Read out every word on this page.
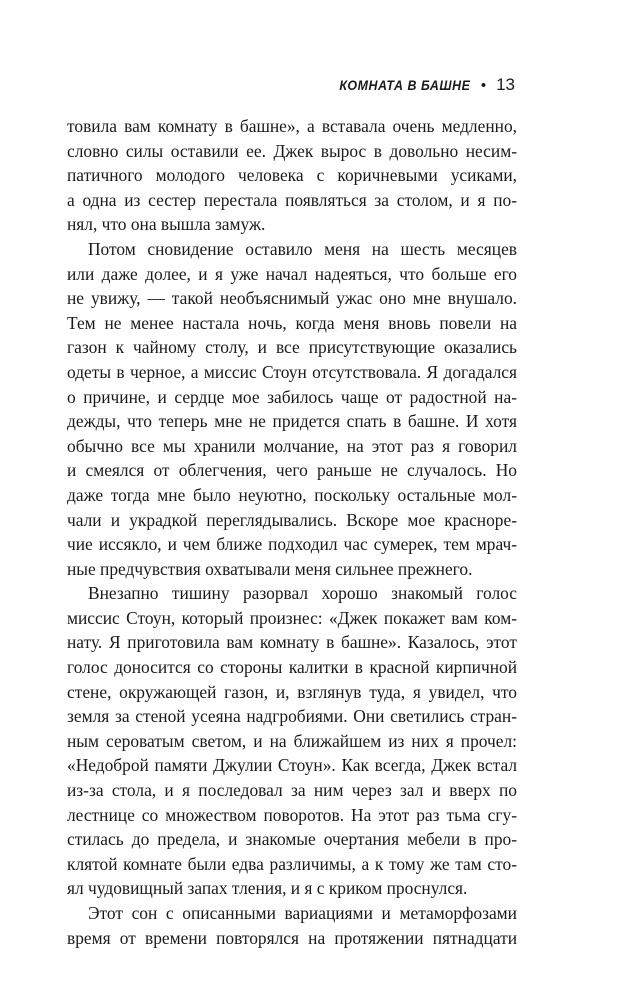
КОМНАТА В БАШНЕ • 13
товила вам комнату в башне», а вставала очень медленно,
словно силы оставили ее. Джек вырос в довольно несим-
патичного молодого человека с коричневыми усиками,
а одна из сестер перестала появляться за столом, и я по-
нял, что она вышла замуж.
Потом сновидение оставило меня на шесть месяцев
или даже долее, и я уже начал надеяться, что больше его
не увижу, — такой необъяснимый ужас оно мне внушало.
Тем не менее настала ночь, когда меня вновь повели на
газон к чайному столу, и все присутствующие оказались
одеты в черное, а миссис Стоун отсутствовала. Я догадался
о причине, и сердце мое забилось чаще от радостной на-
дежды, что теперь мне не придется спать в башне. И хотя
обычно все мы хранили молчание, на этот раз я говорил
и смеялся от облегчения, чего раньше не случалось. Но
даже тогда мне было неуютно, поскольку остальные мол-
чали и украдкой переглядывались. Вскоре мое красноре-
чие иссякло, и чем ближе подходил час сумерек, тем мрач-
ные предчувствия охватывали меня сильнее прежнего.
Внезапно тишину разорвал хорошо знакомый голос
миссис Стоун, который произнес: «Джек покажет вам ком-
нату. Я приготовила вам комнату в башне». Казалось, этот
голос доносится со стороны калитки в красной кирпичной
стене, окружающей газон, и, взглянув туда, я увидел, что
земля за стеной усеяна надгробиями. Они светились стран-
ным сероватым светом, и на ближайшем из них я прочел:
«Недоброй памяти Джулии Стоун». Как всегда, Джек встал
из-за стола, и я последовал за ним через зал и вверх по
лестнице со множеством поворотов. На этот раз тьма сгу-
стилась до предела, и знакомые очертания мебели в про-
клятой комнате были едва различимы, а к тому же там сто-
ял чудовищный запах тления, и я с криком проснулся.
Этот сон с описанными вариациями и метаморфозами
время от времени повторялся на протяжении пятнадцати
